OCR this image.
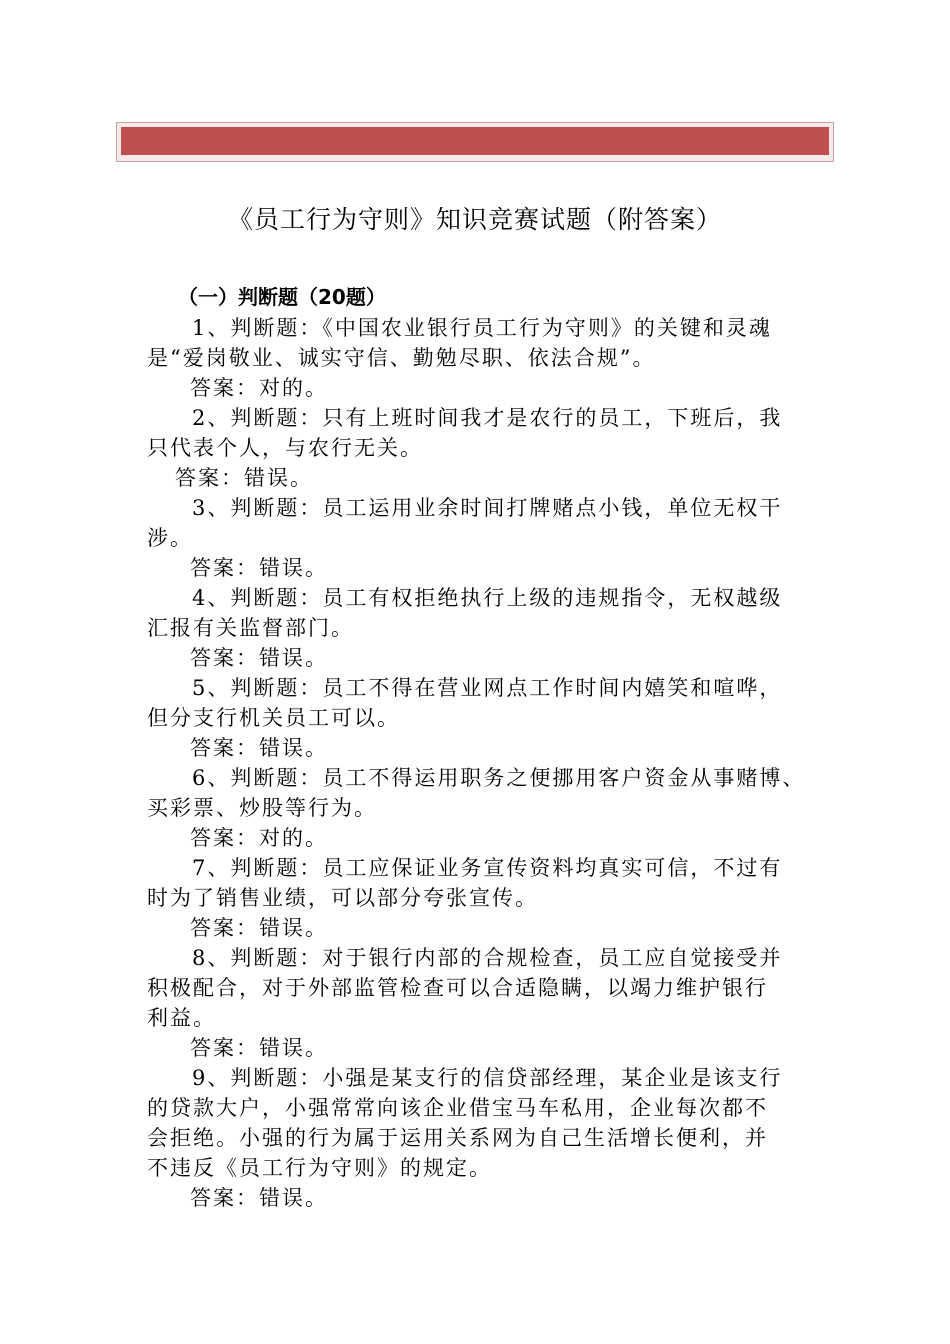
《员工行为守则》知识竞赛试题（附答案）
（一）判断题（20题）
1、判断题：《中国农业银行员工行为守则》的关键和灵魂
是“爱岗敬业、诚实守信、勤勉尽职、依法合规”。
答案：对的。
2、判断题：只有上班时间我才是农行的员工，下班后，我
只代表个人，与农行无关。
答案：错误。
3、判断题：员工运用业余时间打牌赌点小钱，单位无权干
涉。
答案：错误。
4、判断题：员工有权拒绝执行上级的违规指令，无权越级
汇报有关监督部门。
答案：错误。
5、判断题：员工不得在营业网点工作时间内嬉笑和喧哗，
但分支行机关员工可以。
答案：错误。
6、判断题：员工不得运用职务之便挪用客户资金从事赌博、
买彩票、炒股等行为。
答案：对的。
7、判断题：员工应保证业务宣传资料均真实可信，不过有
时为了销售业绩，可以部分夸张宣传。
答案：错误。
8、判断题：对于银行内部的合规检查，员工应自觉接受并
积极配合，对于外部监管检查可以合适隐瞒，以竭力维护银行
利益。
答案：错误。
9、判断题：小强是某支行的信贷部经理，某企业是该支行
的贷款大户，小强常常向该企业借宝马车私用，企业每次都不
会拒绝。小强的行为属于运用关系网为自己生活增长便利，并
不违反《员工行为守则》的规定。
答案：错误。
